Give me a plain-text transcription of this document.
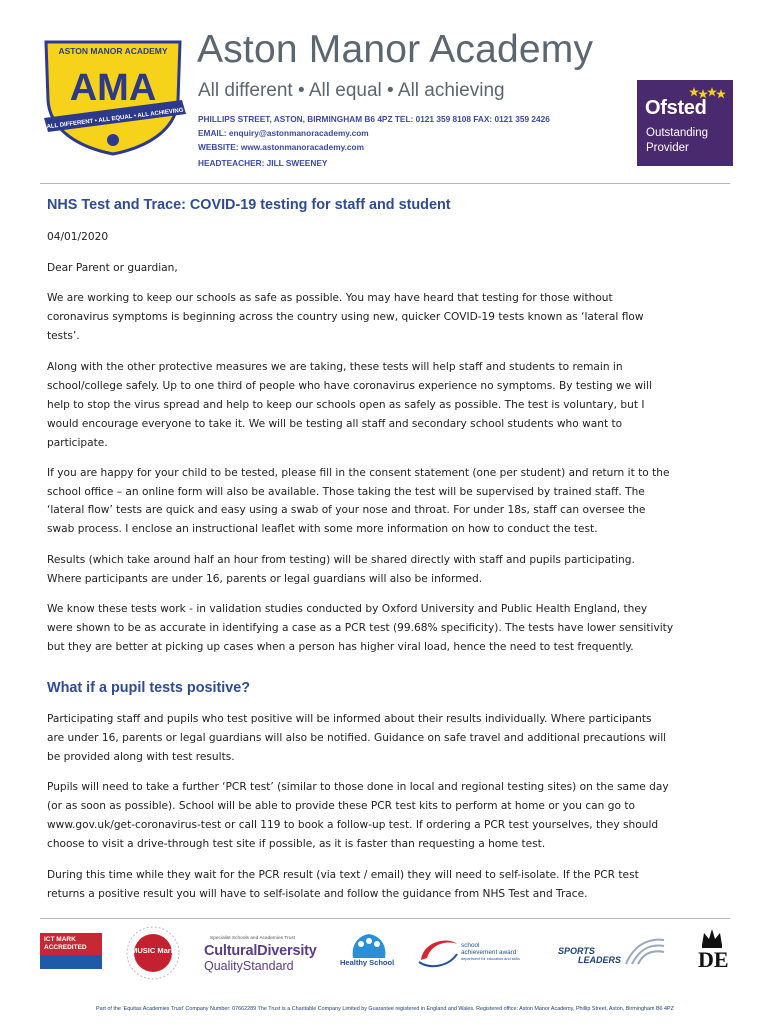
ASTON MANOR ACADEMY
AMA
ALL DIFFERENT • ALL EQUAL • ALL ACHIEVING
Aston Manor Academy
All different • All equal • All achieving
PHILLIPS STREET, ASTON, BIRMINGHAM B6 4PZ TEL: 0121 359 8108 FAX: 0121 359 2426
EMAIL: enquiry@astonmanoracademy.com
WEBSITE: www.astonmanoracademy.com
HEADTEACHER: JILL SWEENEY
Ofsted
Outstanding
Provider
NHS Test and Trace: COVID-19 testing for staff and student
04/01/2020
Dear Parent or guardian,
We are working to keep our schools as safe as possible. You may have heard that testing for those without
coronavirus symptoms is beginning across the country using new, quicker COVID-19 tests known as ‘lateral flow
tests’.
Along with the other protective measures we are taking, these tests will help staff and students to remain in
school/college safely. Up to one third of people who have coronavirus experience no symptoms. By testing we will
help to stop the virus spread and help to keep our schools open as safely as possible. The test is voluntary, but I
would encourage everyone to take it. We will be testing all staff and secondary school students who want to
participate.
If you are happy for your child to be tested, please fill in the consent statement (one per student) and return it to the
school office – an online form will also be available. Those taking the test will be supervised by trained staff. The
‘lateral flow’ tests are quick and easy using a swab of your nose and throat. For under 18s, staff can oversee the
swab process. I enclose an instructional leaflet with some more information on how to conduct the test.
Results (which take around half an hour from testing) will be shared directly with staff and pupils participating.
Where participants are under 16, parents or legal guardians will also be informed.
We know these tests work - in validation studies conducted by Oxford University and Public Health England, they
were shown to be as accurate in identifying a case as a PCR test (99.68% specificity). The tests have lower sensitivity
but they are better at picking up cases when a person has higher viral load, hence the need to test frequently.
What if a pupil tests positive?
Participating staff and pupils who test positive will be informed about their results individually. Where participants
are under 16, parents or legal guardians will also be notified. Guidance on safe travel and additional precautions will
be provided along with test results.
Pupils will need to take a further ‘PCR test’ (similar to those done in local and regional testing sites) on the same day
(or as soon as possible). School will be able to provide these PCR test kits to perform at home or you can go to
www.gov.uk/get-coronavirus-test or call 119 to book a follow-up test. If ordering a PCR test yourselves, they should
choose to visit a drive-through test site if possible, as it is faster than requesting a home test.
During this time while they wait for the PCR result (via text / email) they will need to self-isolate. If the PCR test
returns a positive result you will have to self-isolate and follow the guidance from NHS Test and Trace.
ICT MARK ACCREDITED	MUSIC Mark
Specialist Schools and Academies Trust
CulturalDiversity
QualityStandard	Healthy School
school
achievement award
department for education and skills
SPORTS
LEADERS	DE
Part of the ‘Equitas Academies Trust’ Company Number: 07662289 The Trust is a Charitable Company Limited by Guarantee registered in England and Wales. Registered office: Aston Manor Academy, Phillip Street, Aston, Birmingham B6 4PZ
